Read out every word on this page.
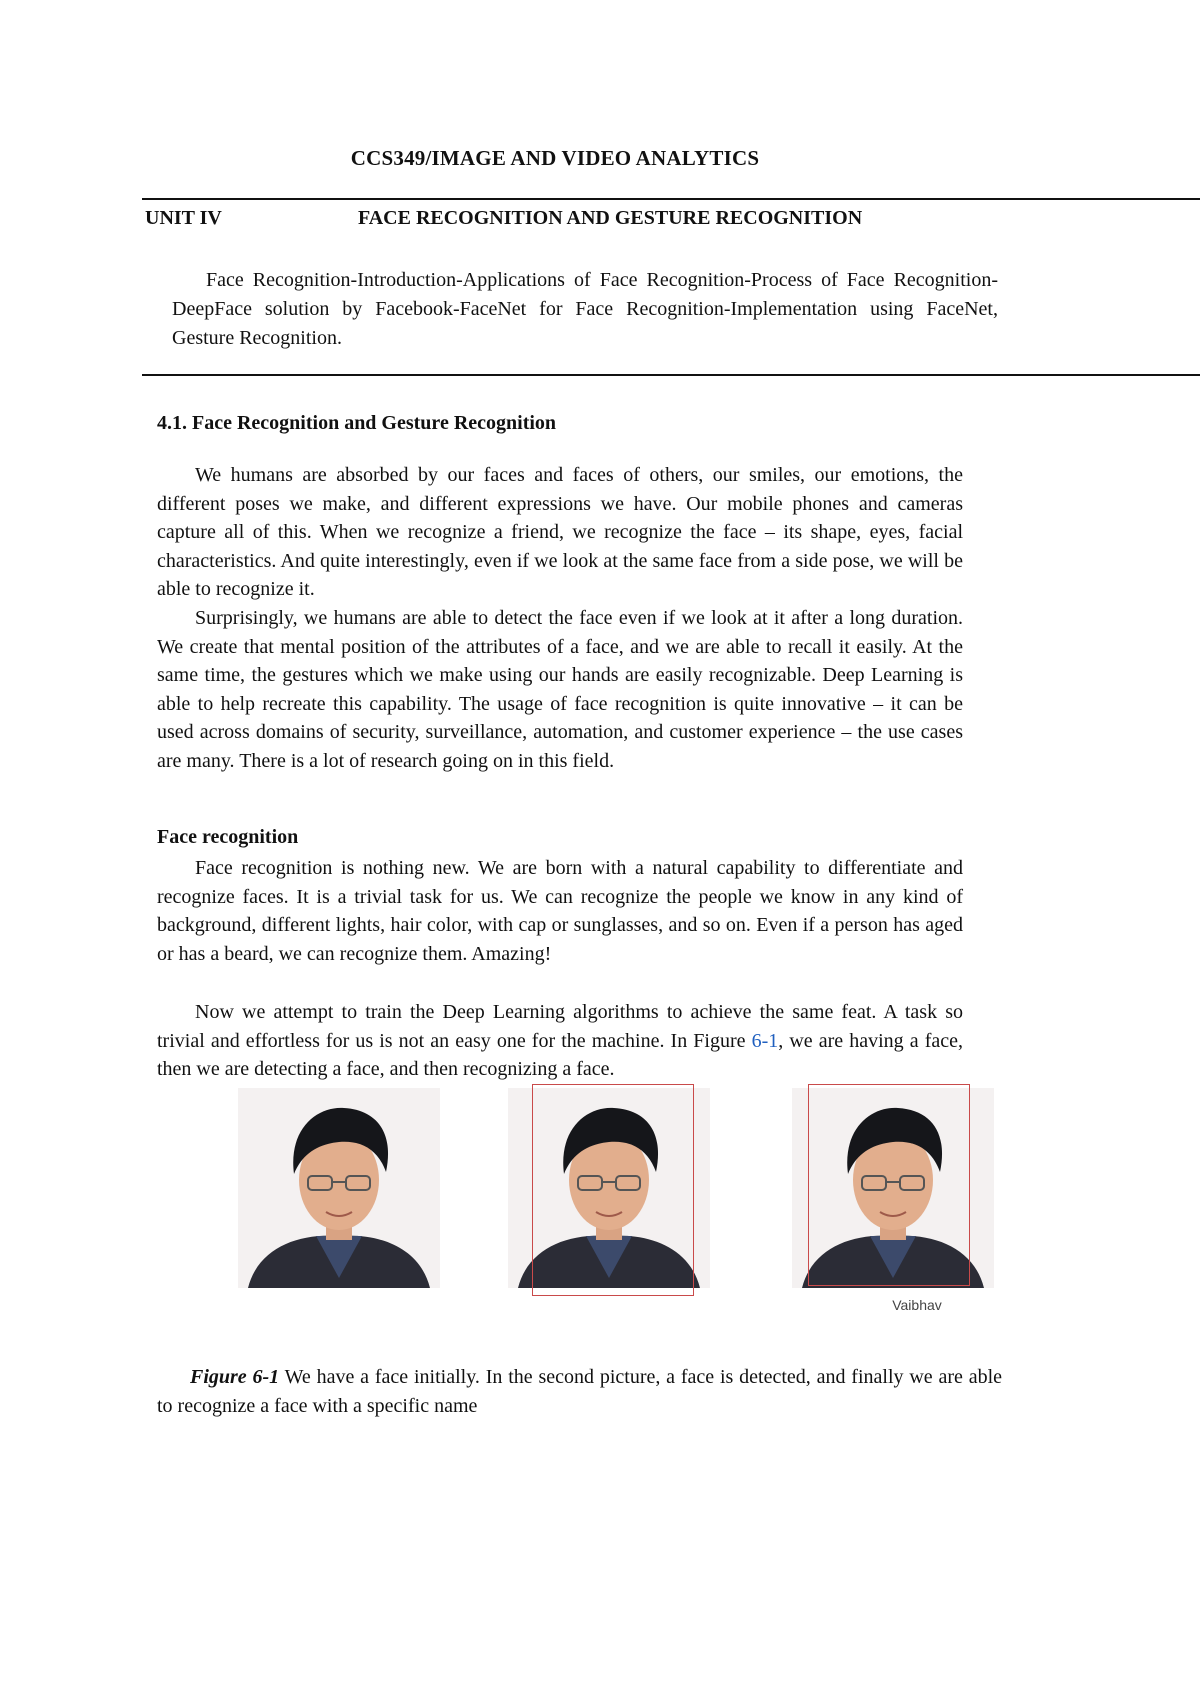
CCS349/IMAGE AND VIDEO ANALYTICS
UNIT IV	FACE RECOGNITION AND GESTURE RECOGNITION

Face Recognition-Introduction-Applications of Face Recognition-Process of Face Recognition- DeepFace solution by Facebook-FaceNet for Face Recognition-Implementation using FaceNet, Gesture Recognition.

4.1. Face Recognition and Gesture Recognition

We humans are absorbed by our faces and faces of others, our smiles, our emotions, the different poses we make, and different expressions we have. Our mobile phones and cameras capture all of this. When we recognize a friend, we recognize the face – its shape, eyes, facial characteristics. And quite interestingly, even if we look at the same face from a side pose, we will be able to recognize it.

Surprisingly, we humans are able to detect the face even if we look at it after a long duration. We create that mental position of the attributes of a face, and we are able to recall it easily. At the same time, the gestures which we make using our hands are easily recognizable. Deep Learning is able to help recreate this capability. The usage of face recognition is quite innovative – it can be used across domains of security, surveillance, automation, and customer experience – the use cases are many. There is a lot of research going on in this field.

Face recognition

Face recognition is nothing new. We are born with a natural capability to differentiate and recognize faces. It is a trivial task for us. We can recognize the people we know in any kind of background, different lights, hair color, with cap or sunglasses, and so on. Even if a person has aged or has a beard, we can recognize them. Amazing!

Now we attempt to train the Deep Learning algorithms to achieve the same feat. A task so trivial and effortless for us is not an easy one for the machine. In Figure 6-1, we are having a face, then we are detecting a face, and then recognizing a face.

Vaibhav

Figure 6-1 We have a face initially. In the second picture, a face is detected, and finally we are able to recognize a face with a specific name
